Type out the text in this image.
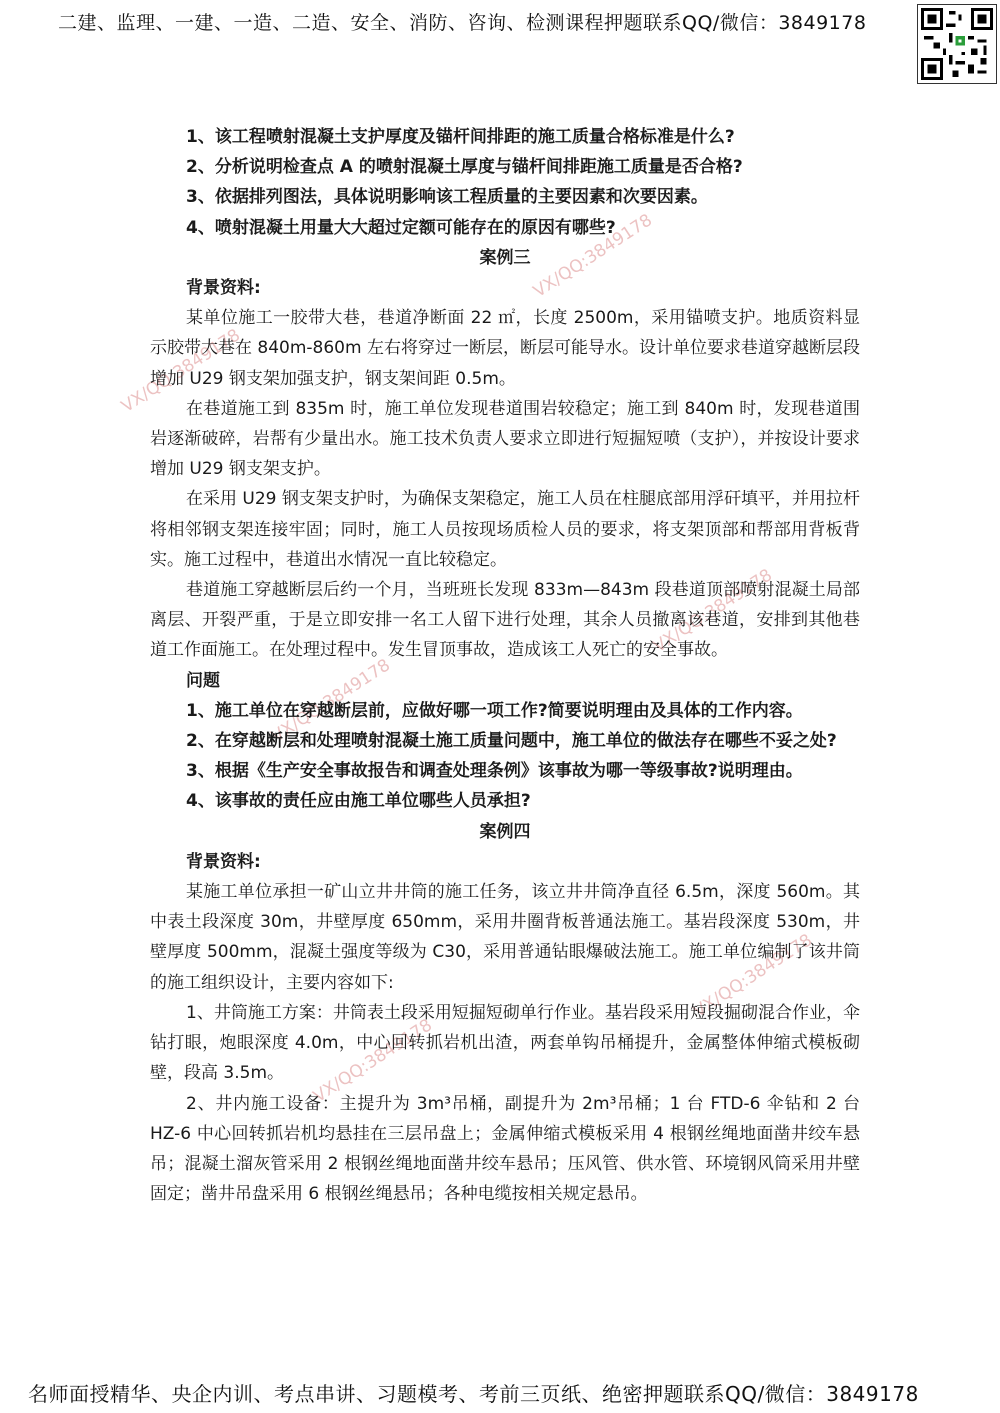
二建、监理、一建、一造、二造、安全、消防、咨询、检测课程押题联系QQ/微信：3849178
VX/QQ:3849178
VX/QQ:3849178
VX/QQ:3849178
VX/QQ:3849178
VX/QQ:3849178
VX/QQ:3849178

1、该工程喷射混凝土支护厚度及锚杆间排距的施工质量合格标准是什么?

2、分析说明检查点 A 的喷射混凝土厚度与锚杆间排距施工质量是否合格?

3、依据排列图法，具体说明影响该工程质量的主要因素和次要因素。

4、喷射混凝土用量大大超过定额可能存在的原因有哪些?

案例三

背景资料:

某单位施工一胶带大巷，巷道净断面 22 ㎡，长度 2500m，采用锚喷支护。地质资料显示胶带大巷在 840m-860m 左右将穿过一断层，断层可能导水。设计单位要求巷道穿越断层段增加 U29 钢支架加强支护，钢支架间距 0.5m。

在巷道施工到 835m 时，施工单位发现巷道围岩较稳定；施工到 840m 时，发现巷道围岩逐渐破碎，岩帮有少量出水。施工技术负责人要求立即进行短掘短喷（支护），并按设计要求增加 U29 钢支架支护。

在采用 U29 钢支架支护时，为确保支架稳定，施工人员在柱腿底部用浮矸填平，并用拉杆将相邻钢支架连接牢固；同时，施工人员按现场质检人员的要求，将支架顶部和帮部用背板背实。施工过程中，巷道出水情况一直比较稳定。

巷道施工穿越断层后约一个月，当班班长发现 833m—843m 段巷道顶部喷射混凝土局部离层、开裂严重，于是立即安排一名工人留下进行处理，其余人员撤离该巷道，安排到其他巷道工作面施工。在处理过程中。发生冒顶事故，造成该工人死亡的安全事故。

问题

1、施工单位在穿越断层前，应做好哪一项工作?简要说明理由及具体的工作内容。

2、在穿越断层和处理喷射混凝土施工质量问题中，施工单位的做法存在哪些不妥之处?

3、根据《生产安全事故报告和调查处理条例》该事故为哪一等级事故?说明理由。

4、该事故的责任应由施工单位哪些人员承担?

案例四

背景资料:

某施工单位承担一矿山立井井筒的施工任务，该立井井筒净直径 6.5m，深度 560m。其中表土段深度 30m，井壁厚度 650mm，采用井圈背板普通法施工。基岩段深度 530m，井壁厚度 500mm，混凝土强度等级为 C30，采用普通钻眼爆破法施工。施工单位编制了该井筒的施工组织设计，主要内容如下:

1、井筒施工方案：井筒表土段采用短掘短砌单行作业。基岩段采用短段掘砌混合作业，伞钻打眼，炮眼深度 4.0m，中心回转抓岩机出渣，两套单钩吊桶提升，金属整体伸缩式模板砌壁，段高 3.5m。

2、井内施工设备：主提升为 3m³吊桶，副提升为 2m³吊桶；1 台 FTD-6 伞钻和 2 台 HZ-6 中心回转抓岩机均悬挂在三层吊盘上；金属伸缩式模板采用 4 根钢丝绳地面凿井绞车悬吊；混凝土溜灰管采用 2 根钢丝绳地面凿井绞车悬吊；压风管、供水管、环境钢风筒采用井壁固定；凿井吊盘采用 6 根钢丝绳悬吊；各种电缆按相关规定悬吊。

名师面授精华、央企内训、考点串讲、习题模考、考前三页纸、绝密押题联系QQ/微信：3849178
